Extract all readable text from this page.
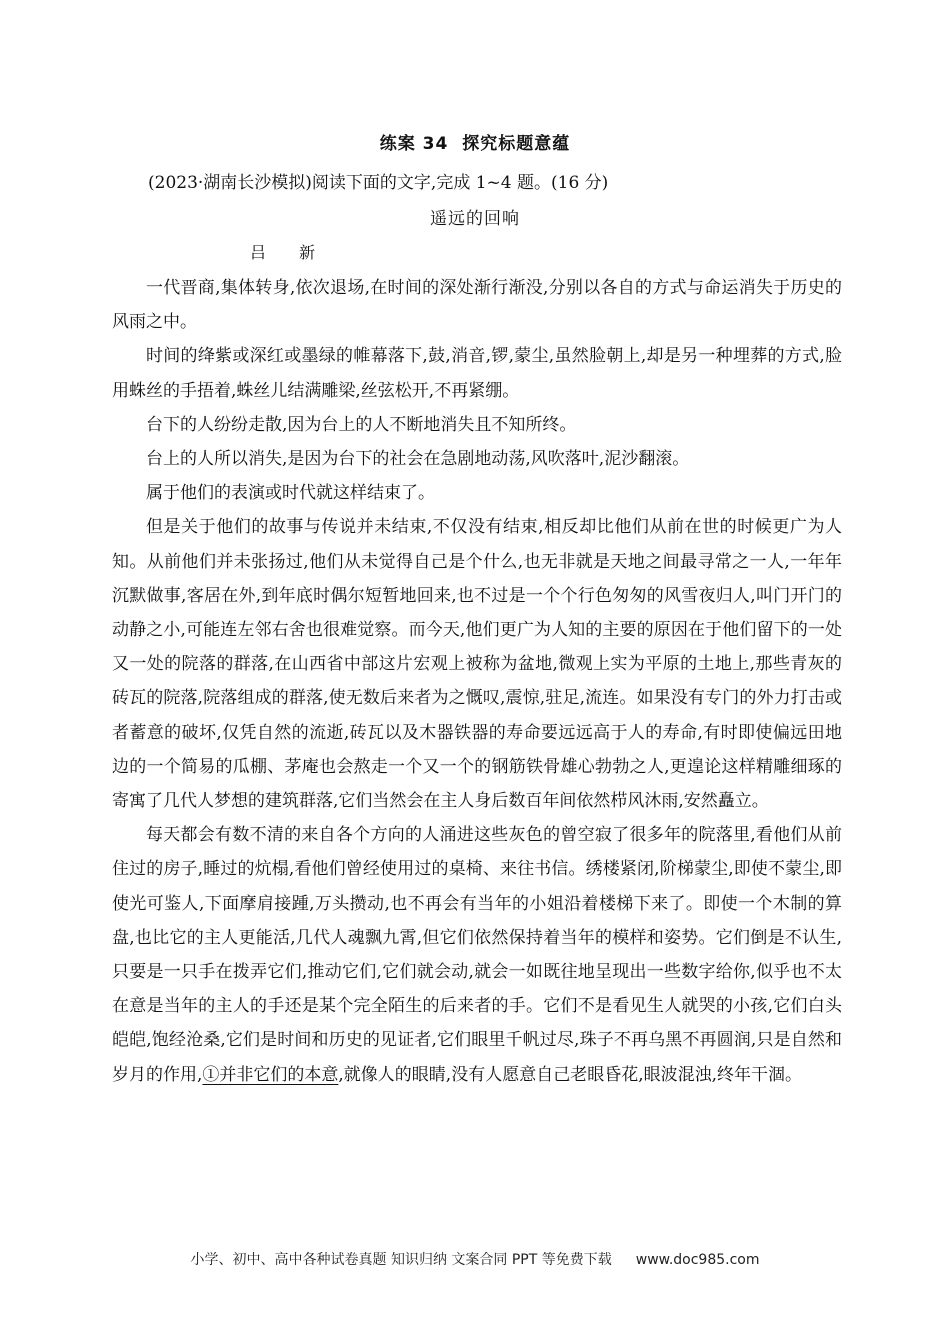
练案 34 探究标题意蕴
(2023·湖南长沙模拟)阅读下面的文字,完成 1~4 题。(16 分)
遥远的回响
吕 新

一代晋商,集体转身,依次退场,在时间的深处渐行渐没,分别以各自的方式与命运消失于历史的风雨之中。

时间的绛紫或深红或墨绿的帷幕落下,鼓,消音,锣,蒙尘,虽然脸朝上,却是另一种埋葬的方式,脸用蛛丝的手捂着,蛛丝儿结满雕梁,丝弦松开,不再紧绷。

台下的人纷纷走散,因为台上的人不断地消失且不知所终。

台上的人所以消失,是因为台下的社会在急剧地动荡,风吹落叶,泥沙翻滚。

属于他们的表演或时代就这样结束了。

但是关于他们的故事与传说并未结束,不仅没有结束,相反却比他们从前在世的时候更广为人知。从前他们并未张扬过,他们从未觉得自己是个什么,也无非就是天地之间最寻常之一人,一年年沉默做事,客居在外,到年底时偶尔短暂地回来,也不过是一个个行色匆匆的风雪夜归人,叫门开门的动静之小,可能连左邻右舍也很难觉察。而今天,他们更广为人知的主要的原因在于他们留下的一处又一处的院落的群落,在山西省中部这片宏观上被称为盆地,微观上实为平原的土地上,那些青灰的砖瓦的院落,院落组成的群落,使无数后来者为之慨叹,震惊,驻足,流连。如果没有专门的外力打击或者蓄意的破坏,仅凭自然的流逝,砖瓦以及木器铁器的寿命要远远高于人的寿命,有时即使偏远田地边的一个简易的瓜棚、茅庵也会熬走一个又一个的钢筋铁骨雄心勃勃之人,更遑论这样精雕细琢的寄寓了几代人梦想的建筑群落,它们当然会在主人身后数百年间依然栉风沐雨,安然矗立。

每天都会有数不清的来自各个方向的人涌进这些灰色的曾空寂了很多年的院落里,看他们从前住过的房子,睡过的炕榻,看他们曾经使用过的桌椅、来往书信。绣楼紧闭,阶梯蒙尘,即使不蒙尘,即使光可鉴人,下面摩肩接踵,万头攒动,也不再会有当年的小姐沿着楼梯下来了。即使一个木制的算盘,也比它的主人更能活,几代人魂飘九霄,但它们依然保持着当年的模样和姿势。它们倒是不认生,只要是一只手在拨弄它们,推动它们,它们就会动,就会一如既往地呈现出一些数字给你,似乎也不太在意是当年的主人的手还是某个完全陌生的后来者的手。它们不是看见生人就哭的小孩,它们白头皑皑,饱经沧桑,它们是时间和历史的见证者,它们眼里千帆过尽,珠子不再乌黑不再圆润,只是自然和岁月的作用,①并非它们的本意,就像人的眼睛,没有人愿意自己老眼昏花,眼波混浊,终年干涸。

小学、初中、高中各种试卷真题 知识归纳 文案合同 PPT 等免费下载 www.doc985.com
